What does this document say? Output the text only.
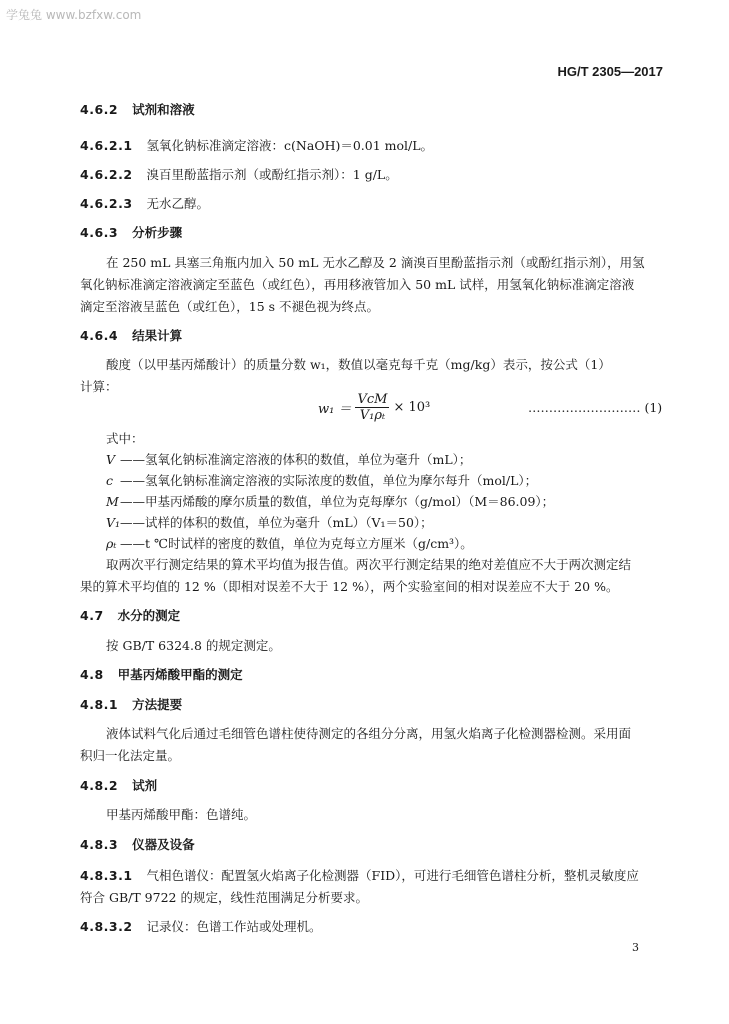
学兔兔 www.bzfxw.com
HG/T 2305—2017
4.6.2 试剂和溶液
4.6.2.1 氢氧化钠标准滴定溶液：c(NaOH)＝0.01 mol/L。
4.6.2.2 溴百里酚蓝指示剂（或酚红指示剂）：1 g/L。
4.6.2.3 无水乙醇。
4.6.3 分析步骤
在 250 mL 具塞三角瓶内加入 50 mL 无水乙醇及 2 滴溴百里酚蓝指示剂（或酚红指示剂），用氢
氧化钠标准滴定溶液滴定至蓝色（或红色），再用移液管加入 50 mL 试样，用氢氧化钠标准滴定溶液
滴定至溶液呈蓝色（或红色），15 s 不褪色视为终点。
4.6.4 结果计算
酸度（以甲基丙烯酸计）的质量分数 w₁，数值以毫克每千克（mg/kg）表示，按公式（1）
计算：
$w_1 = \frac{\text{VcM}}{\text{V₁ρₜ}} \times 10^3$	……………………… (1)
式中：
V ——氢氧化钠标准滴定溶液的体积的数值，单位为毫升（mL）；
c ——氢氧化钠标准滴定溶液的实际浓度的数值，单位为摩尔每升（mol/L）；
M——甲基丙烯酸的摩尔质量的数值，单位为克每摩尔（g/mol）（M＝86.09）；
V₁——试样的体积的数值，单位为毫升（mL）（V₁＝50）；
ρₜ ——t ℃时试样的密度的数值，单位为克每立方厘米（g/cm³）。
取两次平行测定结果的算术平均值为报告值。两次平行测定结果的绝对差值应不大于两次测定结
果的算术平均值的 12 %（即相对误差不大于 12 %），两个实验室间的相对误差应不大于 20 %。
4.7 水分的测定
按 GB/T 6324.8 的规定测定。
4.8 甲基丙烯酸甲酯的测定
4.8.1 方法提要
液体试料气化后通过毛细管色谱柱使待测定的各组分分离，用氢火焰离子化检测器检测。采用面
积归一化法定量。
4.8.2 试剂
甲基丙烯酸甲酯：色谱纯。
4.8.3 仪器及设备
4.8.3.1 气相色谱仪：配置氢火焰离子化检测器（FID），可进行毛细管色谱柱分析，整机灵敏度应
符合 GB/T 9722 的规定，线性范围满足分析要求。
4.8.3.2 记录仪：色谱工作站或处理机。
3
